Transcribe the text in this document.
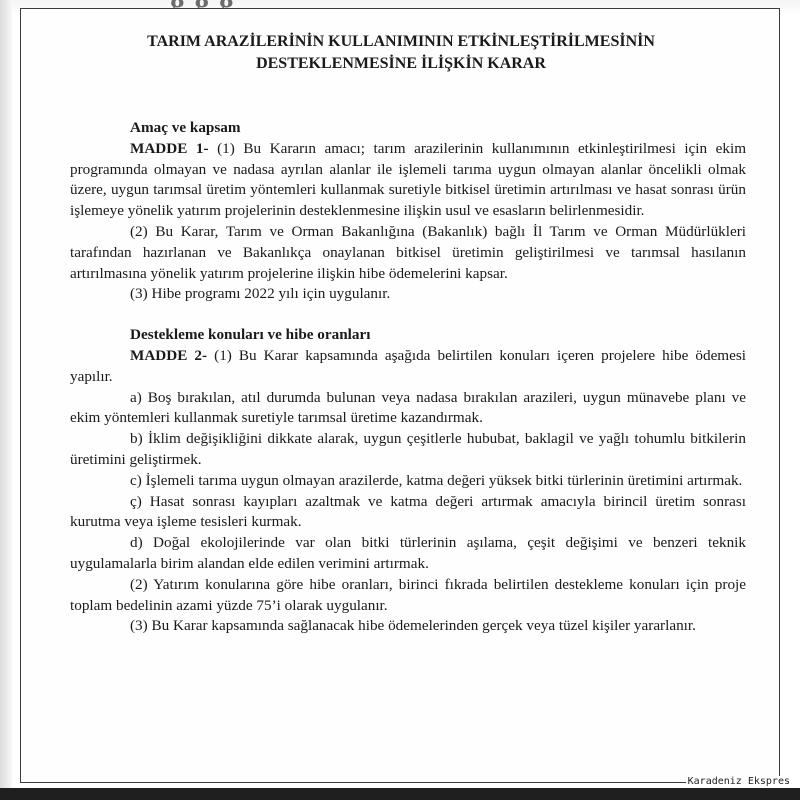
TARIM ARAZİLERİNİN KULLANIMININ ETKİNLEŞTİRİLMESİNİN
DESTEKLENMESİNE İLİŞKİN KARAR
Amaç ve kapsam

MADDE 1- (1) Bu Kararın amacı; tarım arazilerinin kullanımının etkinleştirilmesi için ekim programında olmayan ve nadasa ayrılan alanlar ile işlemeli tarıma uygun olmayan alanlar öncelikli olmak üzere, uygun tarımsal üretim yöntemleri kullanmak suretiyle bitkisel üretimin artırılması ve hasat sonrası ürün işlemeye yönelik yatırım projelerinin desteklenmesine ilişkin usul ve esasların belirlenmesidir.

(2) Bu Karar, Tarım ve Orman Bakanlığına (Bakanlık) bağlı İl Tarım ve Orman Müdürlükleri tarafından hazırlanan ve Bakanlıkça onaylanan bitkisel üretimin geliştirilmesi ve tarımsal hasılanın artırılmasına yönelik yatırım projelerine ilişkin hibe ödemelerini kapsar.

(3) Hibe programı 2022 yılı için uygulanır.

Destekleme konuları ve hibe oranları

MADDE 2- (1) Bu Karar kapsamında aşağıda belirtilen konuları içeren projelere hibe ödemesi yapılır.

a) Boş bırakılan, atıl durumda bulunan veya nadasa bırakılan arazileri, uygun münavebe planı ve ekim yöntemleri kullanmak suretiyle tarımsal üretime kazandırmak.

b) İklim değişikliğini dikkate alarak, uygun çeşitlerle hububat, baklagil ve yağlı tohumlu bitkilerin üretimini geliştirmek.

c) İşlemeli tarıma uygun olmayan arazilerde, katma değeri yüksek bitki türlerinin üretimini artırmak.

ç) Hasat sonrası kayıpları azaltmak ve katma değeri artırmak amacıyla birincil üretim sonrası kurutma veya işleme tesisleri kurmak.

d) Doğal ekolojilerinde var olan bitki türlerinin aşılama, çeşit değişimi ve benzeri teknik uygulamalarla birim alandan elde edilen verimini artırmak.

(2) Yatırım konularına göre hibe oranları, birinci fıkrada belirtilen destekleme konuları için proje toplam bedelinin azami yüzde 75’i olarak uygulanır.

(3) Bu Karar kapsamında sağlanacak hibe ödemelerinden gerçek veya tüzel kişiler yararlanır.

Karadeniz Ekspres
